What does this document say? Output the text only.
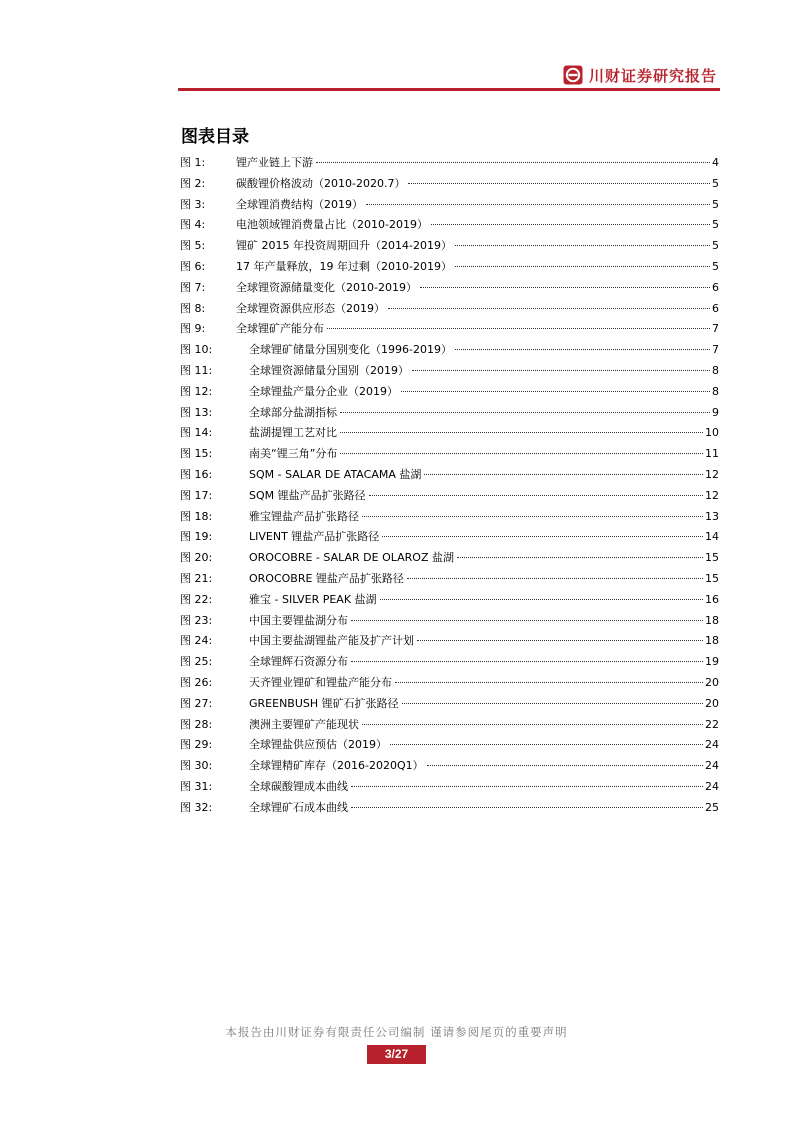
川财证券研究报告
图表目录
图 1:	锂产业链上下游	4
图 2:	碳酸锂价格波动（2010-2020.7）	5
图 3:	全球锂消费结构（2019）	5
图 4:	电池领域锂消费量占比（2010-2019）	5
图 5:	锂矿 2015 年投资周期回升（2014-2019）	5
图 6:	17 年产量释放，19 年过剩（2010-2019）	5
图 7:	全球锂资源储量变化（2010-2019）	6
图 8:	全球锂资源供应形态（2019）	6
图 9:	全球锂矿产能分布	7
图 10:	全球锂矿储量分国别变化（1996-2019）	7
图 11:	全球锂资源储量分国别（2019）	8
图 12:	全球锂盐产量分企业（2019）	8
图 13:	全球部分盐湖指标	9
图 14:	盐湖提锂工艺对比	10
图 15:	南美“锂三角”分布	11
图 16:	SQM - SALAR DE ATACAMA 盐湖	12
图 17:	SQM 锂盐产品扩张路径	12
图 18:	雅宝锂盐产品扩张路径	13
图 19:	LIVENT 锂盐产品扩张路径	14
图 20:	OROCOBRE - SALAR DE OLAROZ 盐湖	15
图 21:	OROCOBRE 锂盐产品扩张路径	15
图 22:	雅宝 - SILVER PEAK 盐湖	16
图 23:	中国主要锂盐湖分布	18
图 24:	中国主要盐湖锂盐产能及扩产计划	18
图 25:	全球锂辉石资源分布	19
图 26:	天齐锂业锂矿和锂盐产能分布	20
图 27:	GREENBUSH 锂矿石扩张路径	20
图 28:	澳洲主要锂矿产能现状	22
图 29:	全球锂盐供应预估（2019）	24
图 30:	全球锂精矿库存（2016-2020Q1）	24
图 31:	全球碳酸锂成本曲线	24
图 32:	全球锂矿石成本曲线	25
本报告由川财证券有限责任公司编制 谨请参阅尾页的重要声明
3/27
